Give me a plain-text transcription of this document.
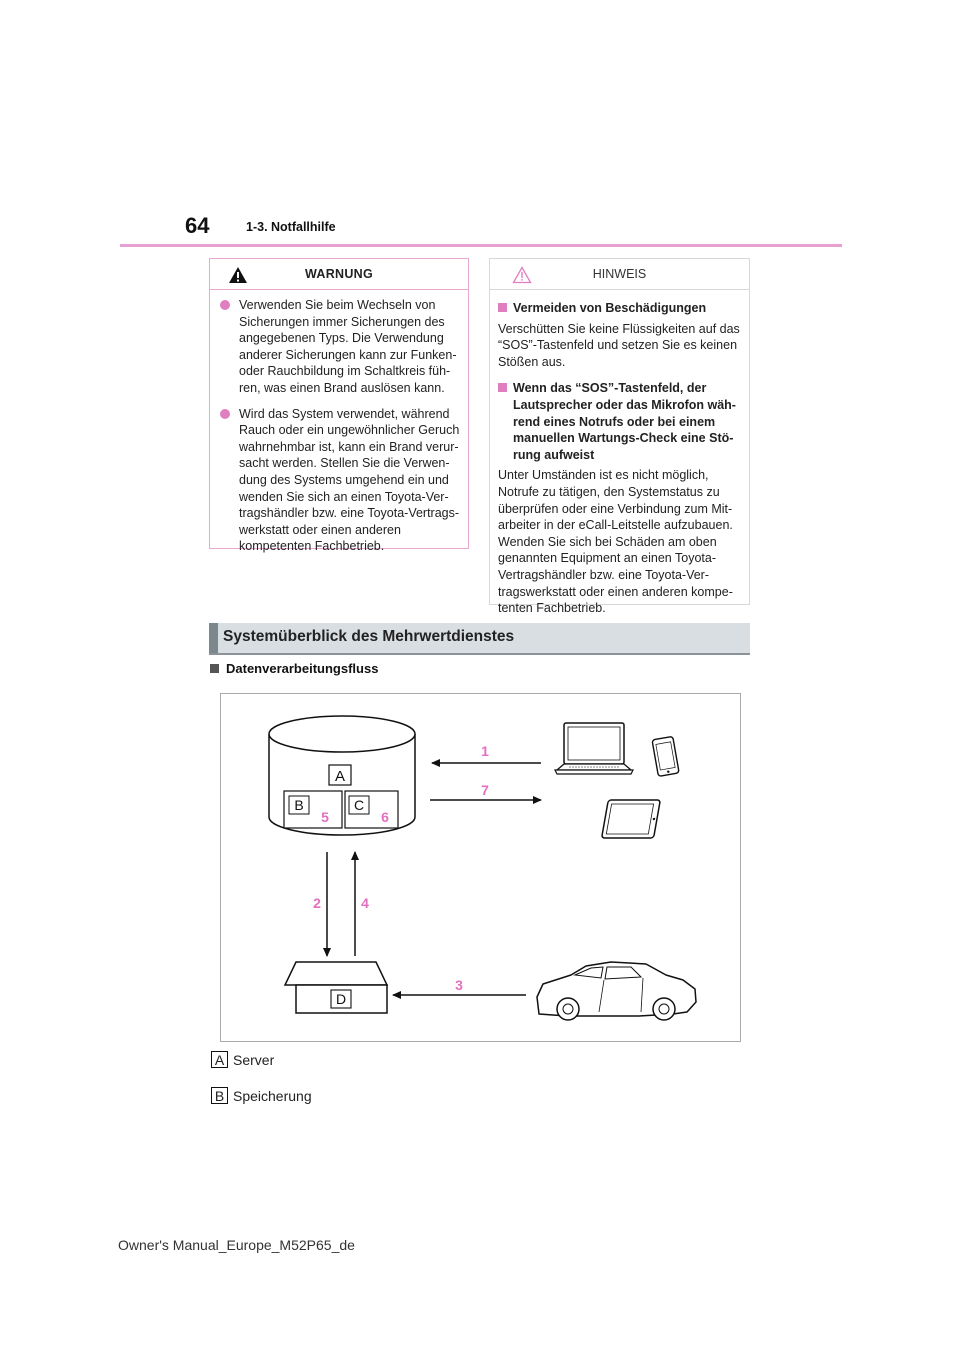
64	1-3. Notfallhilfe
WARNUNG
Verwenden Sie beim Wechseln von Sicherungen immer Sicherungen des angegebenen Typs. Die Verwendung anderer Sicherungen kann zur Funken- oder Rauchbildung im Schaltkreis füh- ren, was einen Brand auslösen kann.
Wird das System verwendet, während Rauch oder ein ungewöhnlicher Geruch wahrnehmbar ist, kann ein Brand verur- sacht werden. Stellen Sie die Verwen- dung des Systems umgehend ein und wenden Sie sich an einen Toyota-Ver- tragshändler bzw. eine Toyota-Vertrags- werkstatt oder einen anderen kompetenten Fachbetrieb.
HINWEIS
Vermeiden von Beschädigungen

Verschütten Sie keine Flüssigkeiten auf das “SOS”-Tastenfeld und setzen Sie es keinen Stößen aus.

Wenn das “SOS”-Tastenfeld, der Lautsprecher oder das Mikrofon wäh- rend eines Notrufs oder bei einem manuellen Wartungs-Check eine Stö- rung aufweist

Unter Umständen ist es nicht möglich, Notrufe zu tätigen, den Systemstatus zu überprüfen oder eine Verbindung zum Mit- arbeiter in der eCall-Leitstelle aufzubauen. Wenden Sie sich bei Schäden am oben genannten Equipment an einen Toyota- Vertragshändler bzw. eine Toyota-Ver- tragswerkstatt oder einen anderen kompe- tenten Fachbetrieb.

Systemüberblick des Mehrwertdienstes
Datenverarbeitungsfluss
A
B
5
C
6
1
7
2	4
D
3
A Server
B Speicherung
Owner's Manual_Europe_M52P65_de
